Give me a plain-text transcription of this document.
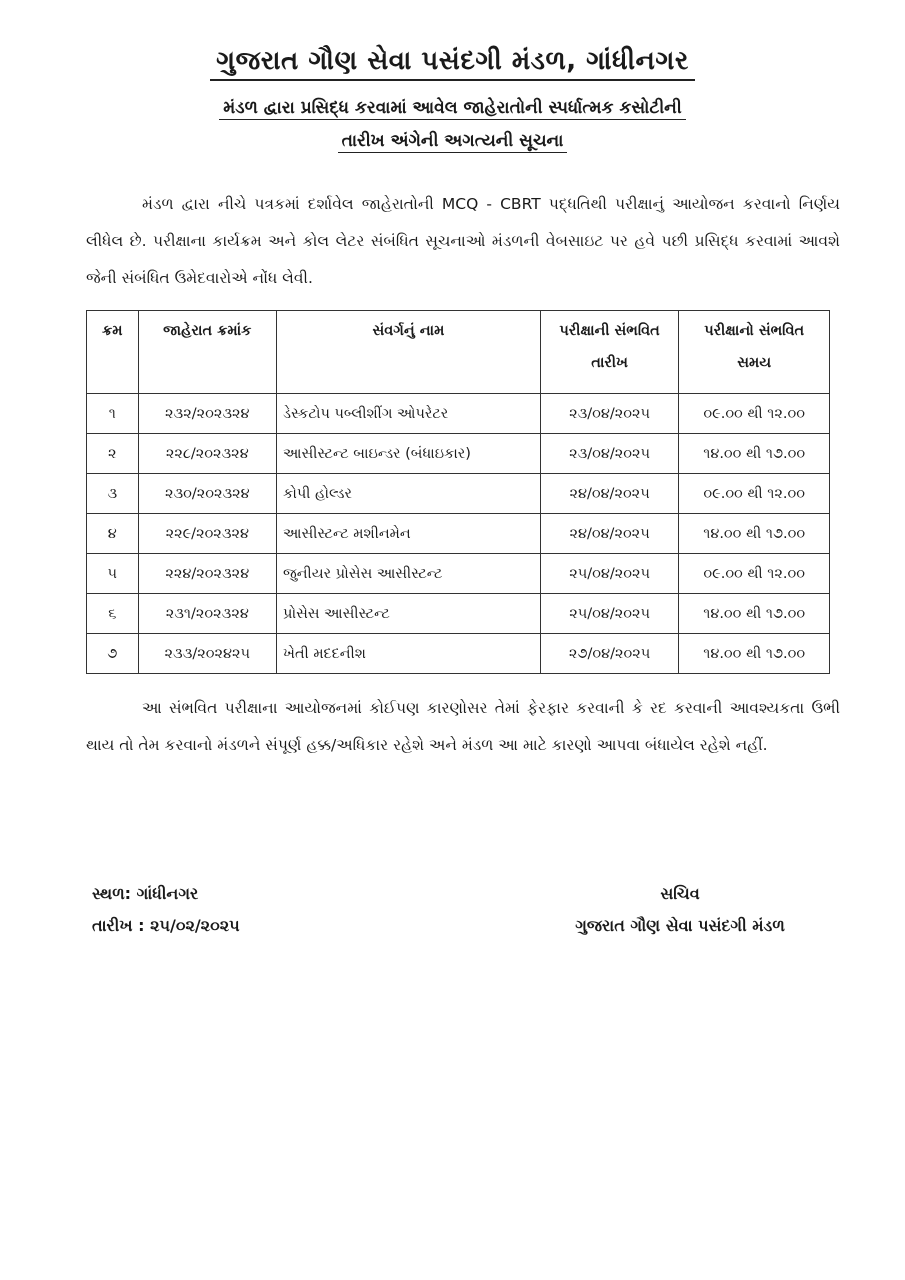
ગુજરાત ગૌણ સેવા પસંદગી મંડળ, ગાંધીનગર
મંડળ દ્વારા પ્રસિદ્ધ કરવામાં આવેલ જાહેરાતોની સ્પર્ધાત્મક કસોટીની
તારીખ અંગેની અગત્યની સૂચના
મંડળ દ્વારા નીચે પત્રકમાં દર્શાવેલ જાહેરાતોની MCQ - CBRT પદ્ધતિથી પરીક્ષાનું આયોજન કરવાનો નિર્ણય લીધેલ છે. પરીક્ષાના કાર્યક્રમ અને કોલ લેટર સંબંધિત સૂચનાઓ મંડળની વેબસાઇટ પર હવે પછી પ્રસિદ્ધ કરવામાં આવશે જેની સંબંધિત ઉમેદવારોએ નોંધ લેવી.
ક્રમ	જાહેરાત ક્રમાંક	સંવર્ગનું નામ	પરીક્ષાની સંભવિત તારીખ	પરીક્ષાનો સંભવિત સમય
૧	૨૩૨/૨૦૨૩૨૪	ડેસ્કટોપ પબ્લીશીંગ ઓપરેટર	૨૩/૦૪/૨૦૨૫	૦૯.૦૦ થી ૧૨.૦૦
૨	૨૨૮/૨૦૨૩૨૪	આસીસ્ટન્ટ બાઇન્ડર (બંધાઇકાર)	૨૩/૦૪/૨૦૨૫	૧૪.૦૦ થી ૧૭.૦૦
૩	૨૩૦/૨૦૨૩૨૪	કોપી હોલ્ડર	૨૪/૦૪/૨૦૨૫	૦૯.૦૦ થી ૧૨.૦૦
૪	૨૨૯/૨૦૨૩૨૪	આસીસ્ટન્ટ મશીનમેન	૨૪/૦૪/૨૦૨૫	૧૪.૦૦ થી ૧૭.૦૦
૫	૨૨૪/૨૦૨૩૨૪	જુનીયર પ્રોસેસ આસીસ્ટન્ટ	૨૫/૦૪/૨૦૨૫	૦૯.૦૦ થી ૧૨.૦૦
૬	૨૩૧/૨૦૨૩૨૪	પ્રોસેસ આસીસ્ટન્ટ	૨૫/૦૪/૨૦૨૫	૧૪.૦૦ થી ૧૭.૦૦
૭	૨૩૩/૨૦૨૪૨૫	ખેતી મદદનીશ	૨૭/૦૪/૨૦૨૫	૧૪.૦૦ થી ૧૭.૦૦
આ સંભવિત પરીક્ષાના આયોજનમાં કોઈપણ કારણોસર તેમાં ફેરફાર કરવાની કે રદ કરવાની આવશ્યકતા ઉભી થાય તો તેમ કરવાનો મંડળને સંપૂર્ણ હક્ક/અધિકાર રહેશે અને મંડળ આ માટે કારણો આપવા બંધાયેલ રહેશે નહીં.
સ્થળ: ગાંધીનગર
તારીખ : ૨૫/૦૨/૨૦૨૫
સચિવ
ગુજરાત ગૌણ સેવા પસંદગી મંડળ
